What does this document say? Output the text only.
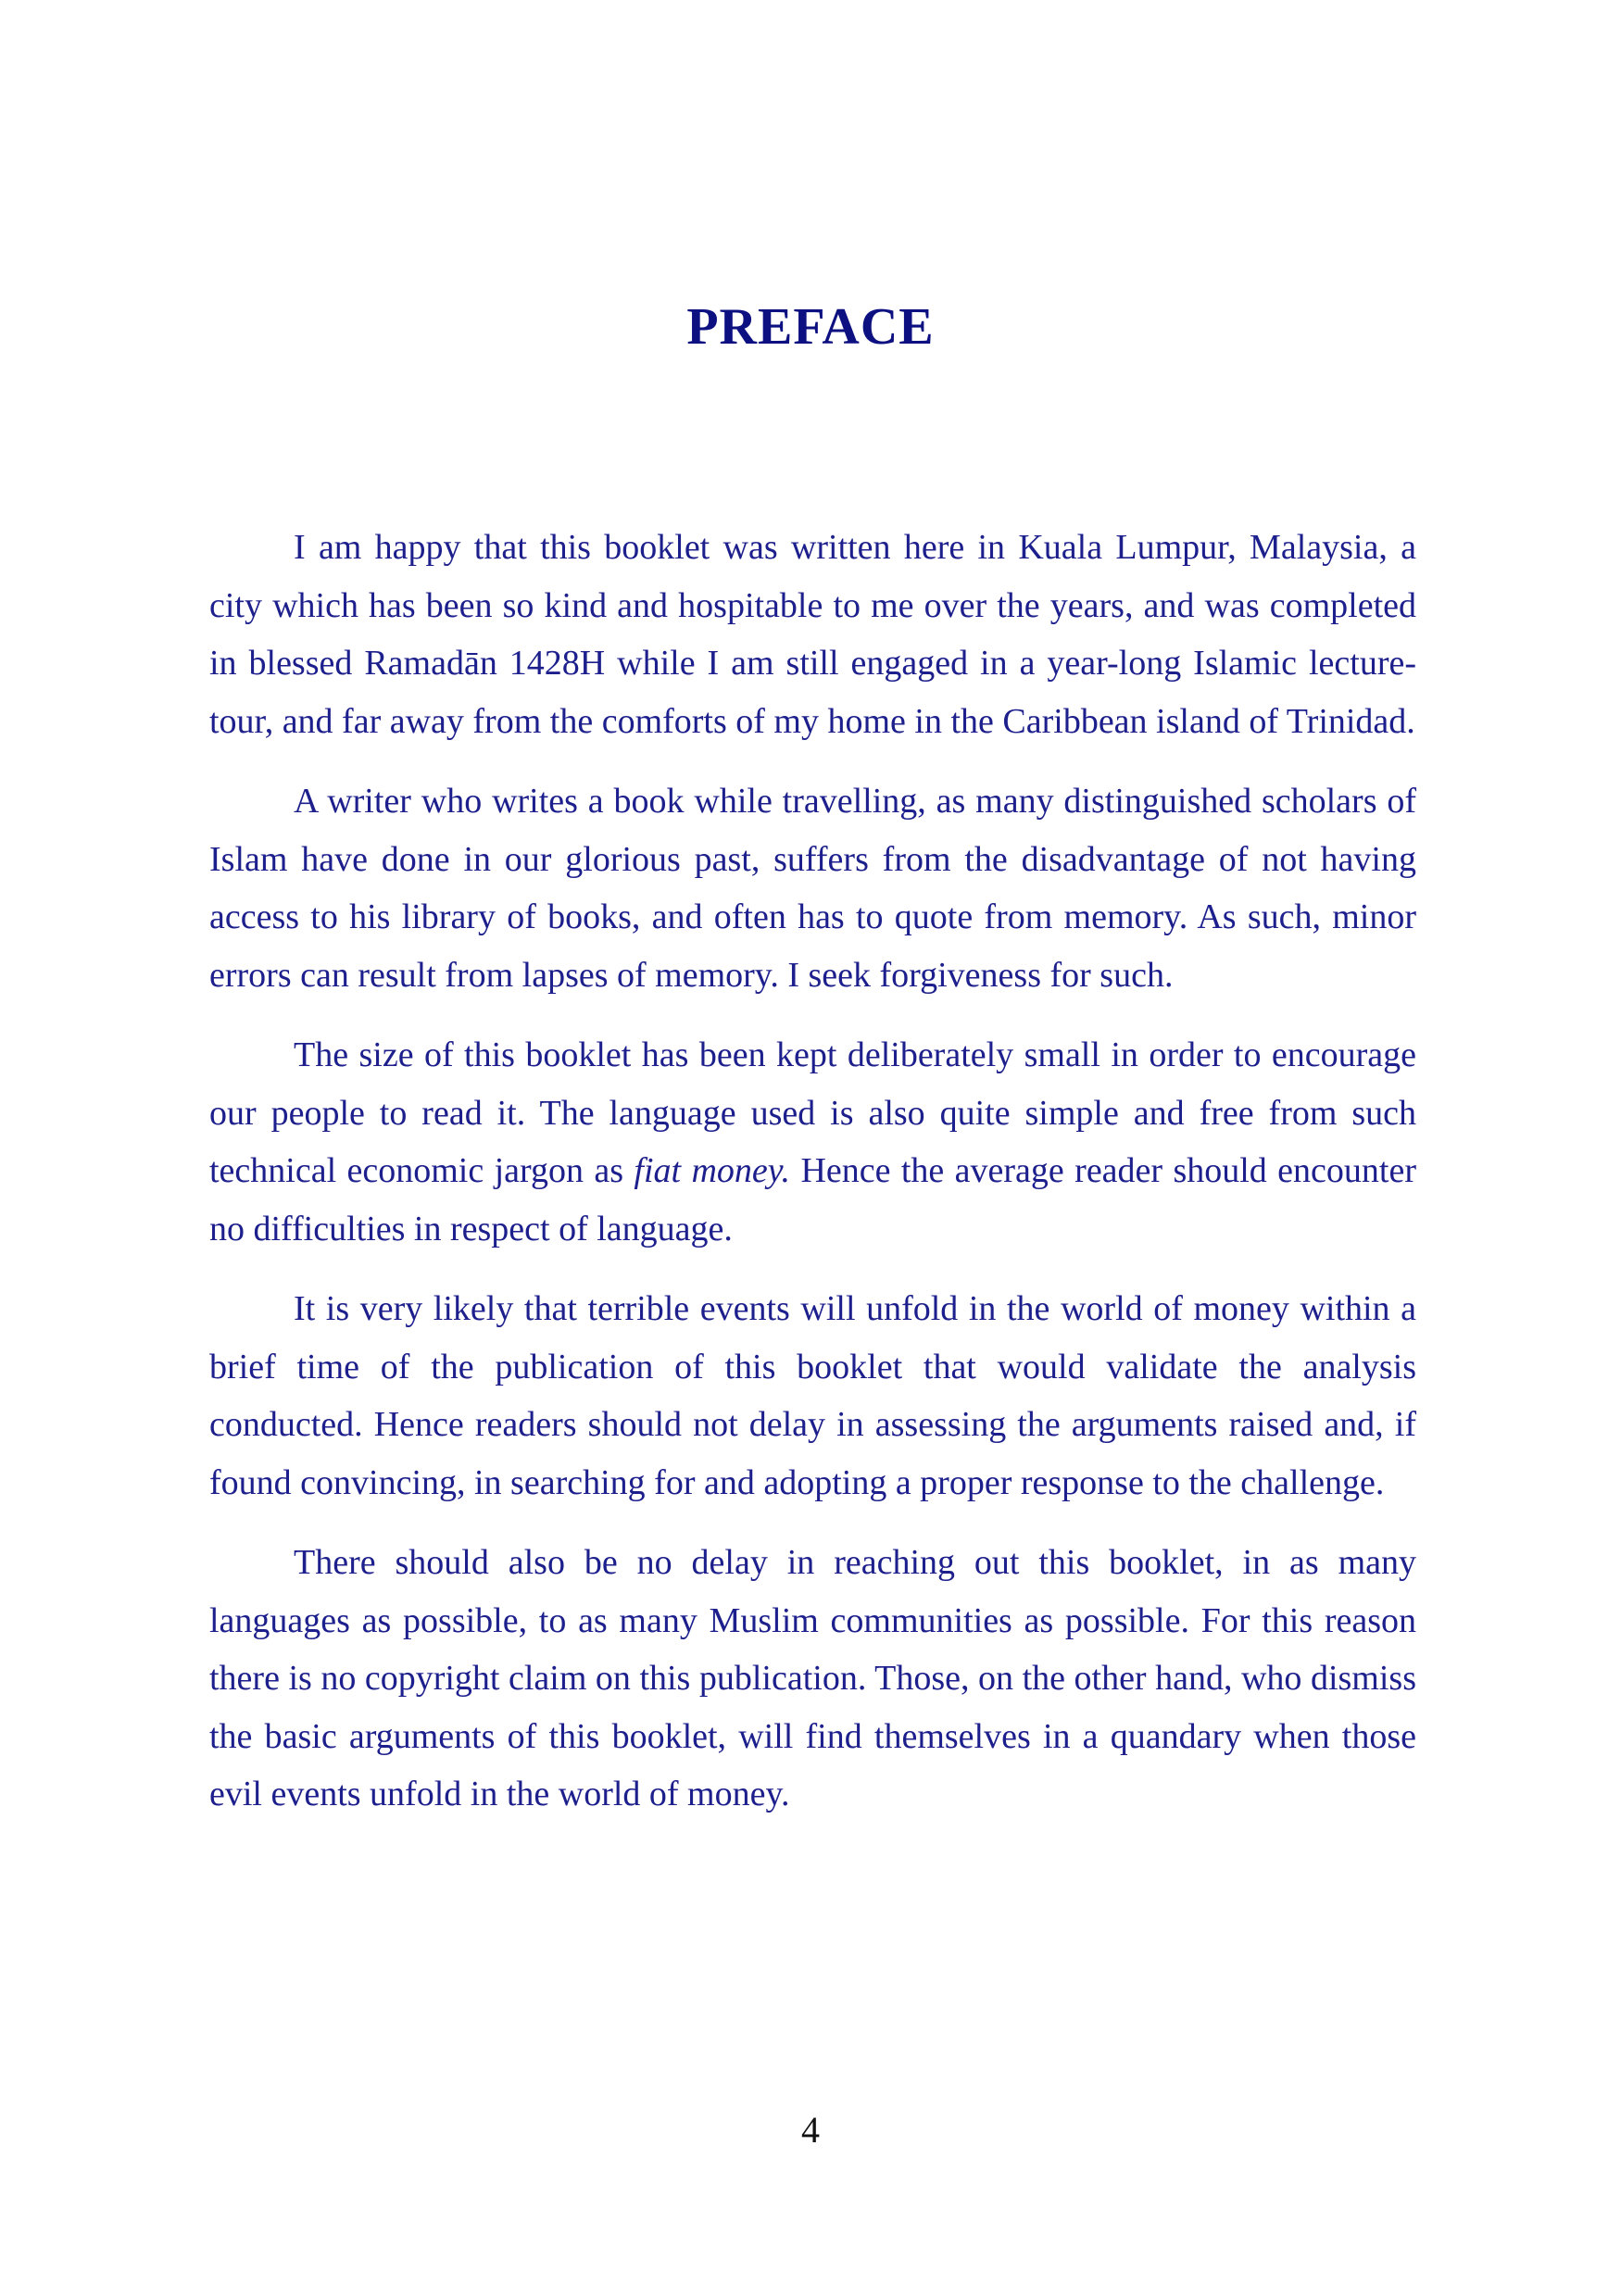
PREFACE

I am happy that this booklet was written here in Kuala Lumpur, Malaysia, a city which has been so kind and hospitable to me over the years, and was completed in blessed Ramadān 1428H while I am still engaged in a year-long Islamic lecture-tour, and far away from the comforts of my home in the Caribbean island of Trinidad.

A writer who writes a book while travelling, as many distinguished scholars of Islam have done in our glorious past, suffers from the disadvantage of not having access to his library of books, and often has to quote from memory. As such, minor errors can result from lapses of memory. I seek forgiveness for such.

The size of this booklet has been kept deliberately small in order to encourage our people to read it. The language used is also quite simple and free from such technical economic jargon as fiat money. Hence the average reader should encounter no difficulties in respect of language.

It is very likely that terrible events will unfold in the world of money within a brief time of the publication of this booklet that would validate the analysis conducted. Hence readers should not delay in assessing the arguments raised and, if found convincing, in searching for and adopting a proper response to the challenge.

There should also be no delay in reaching out this booklet, in as many languages as possible, to as many Muslim communities as possible. For this reason there is no copyright claim on this publication. Those, on the other hand, who dismiss the basic arguments of this booklet, will find themselves in a quandary when those evil events unfold in the world of money.

4
